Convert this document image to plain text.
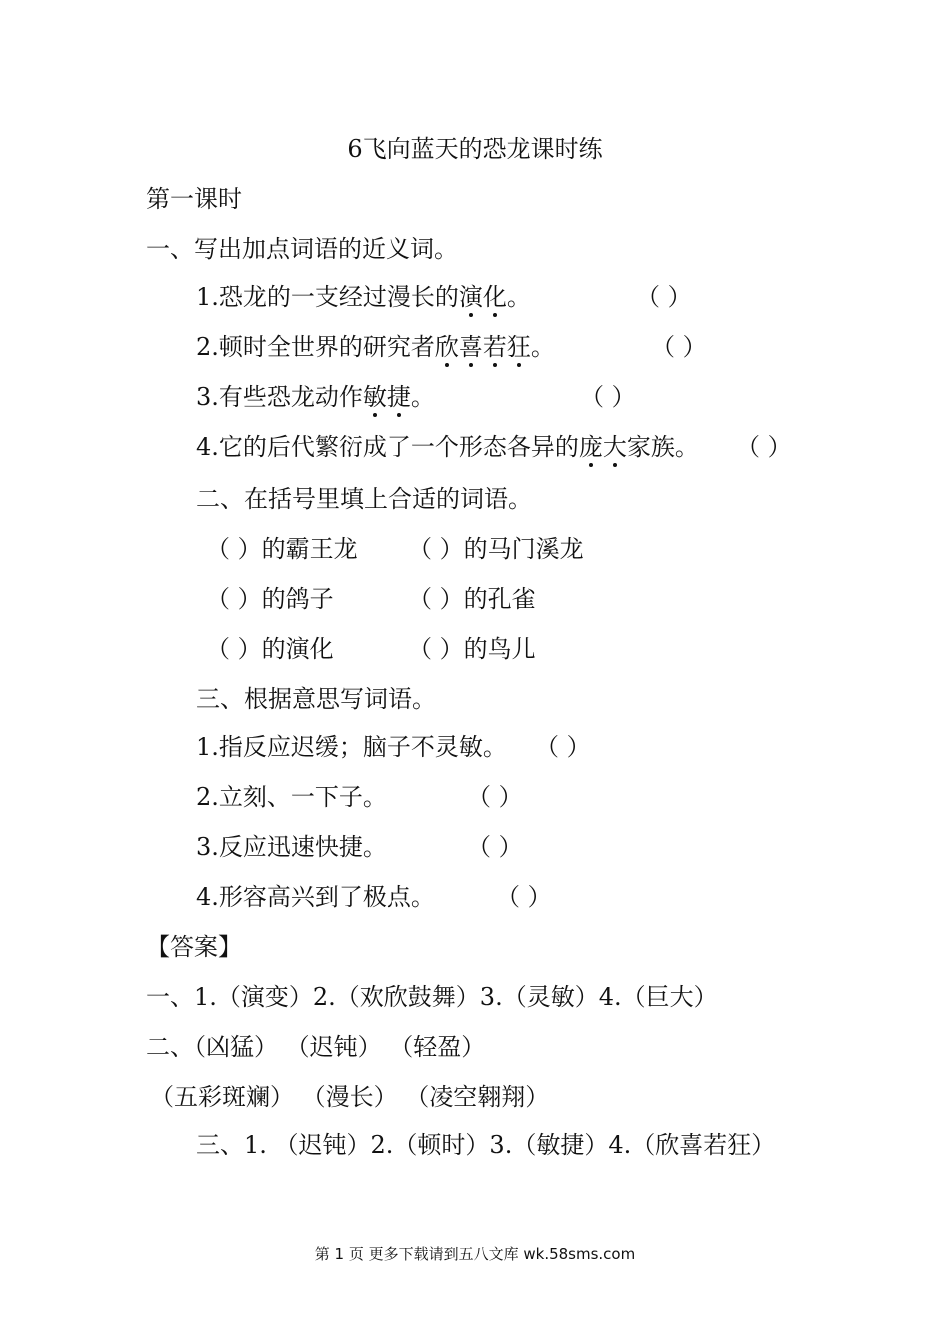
6飞向蓝天的恐龙课时练
第一课时
一、写出加点词语的近义词。
1.恐龙的一支经过漫长的演化。	（ ）
2.顿时全世界的研究者欣喜若狂。	（ ）
3.有些恐龙动作敏捷。	（ ）
4.它的后代繁衍成了一个形态各异的庞大家族。 （ ）
二、在括号里填上合适的词语。
（ ）的霸王龙 （ ）的马门溪龙
（ ）的鸽子	（ ）的孔雀
（ ）的演化	（ ）的鸟儿
三、根据意思写词语。
1.指反应迟缓；脑子不灵敏。 （ ）
2.立刻、一下子。	（ ）
3.反应迅速快捷。	（ ）
4.形容高兴到了极点。	（ ）
【答案】
一、1.（演变）2.（欢欣鼓舞）3.（灵敏）4.（巨大）
二、（凶猛） （迟钝） （轻盈）
（五彩斑斓） （漫长） （凌空翱翔）
三、1. （迟钝）2.（顿时）3.（敏捷）4.（欣喜若狂）
第 1 页 更多下载请到五八文库 wk.58sms.com
